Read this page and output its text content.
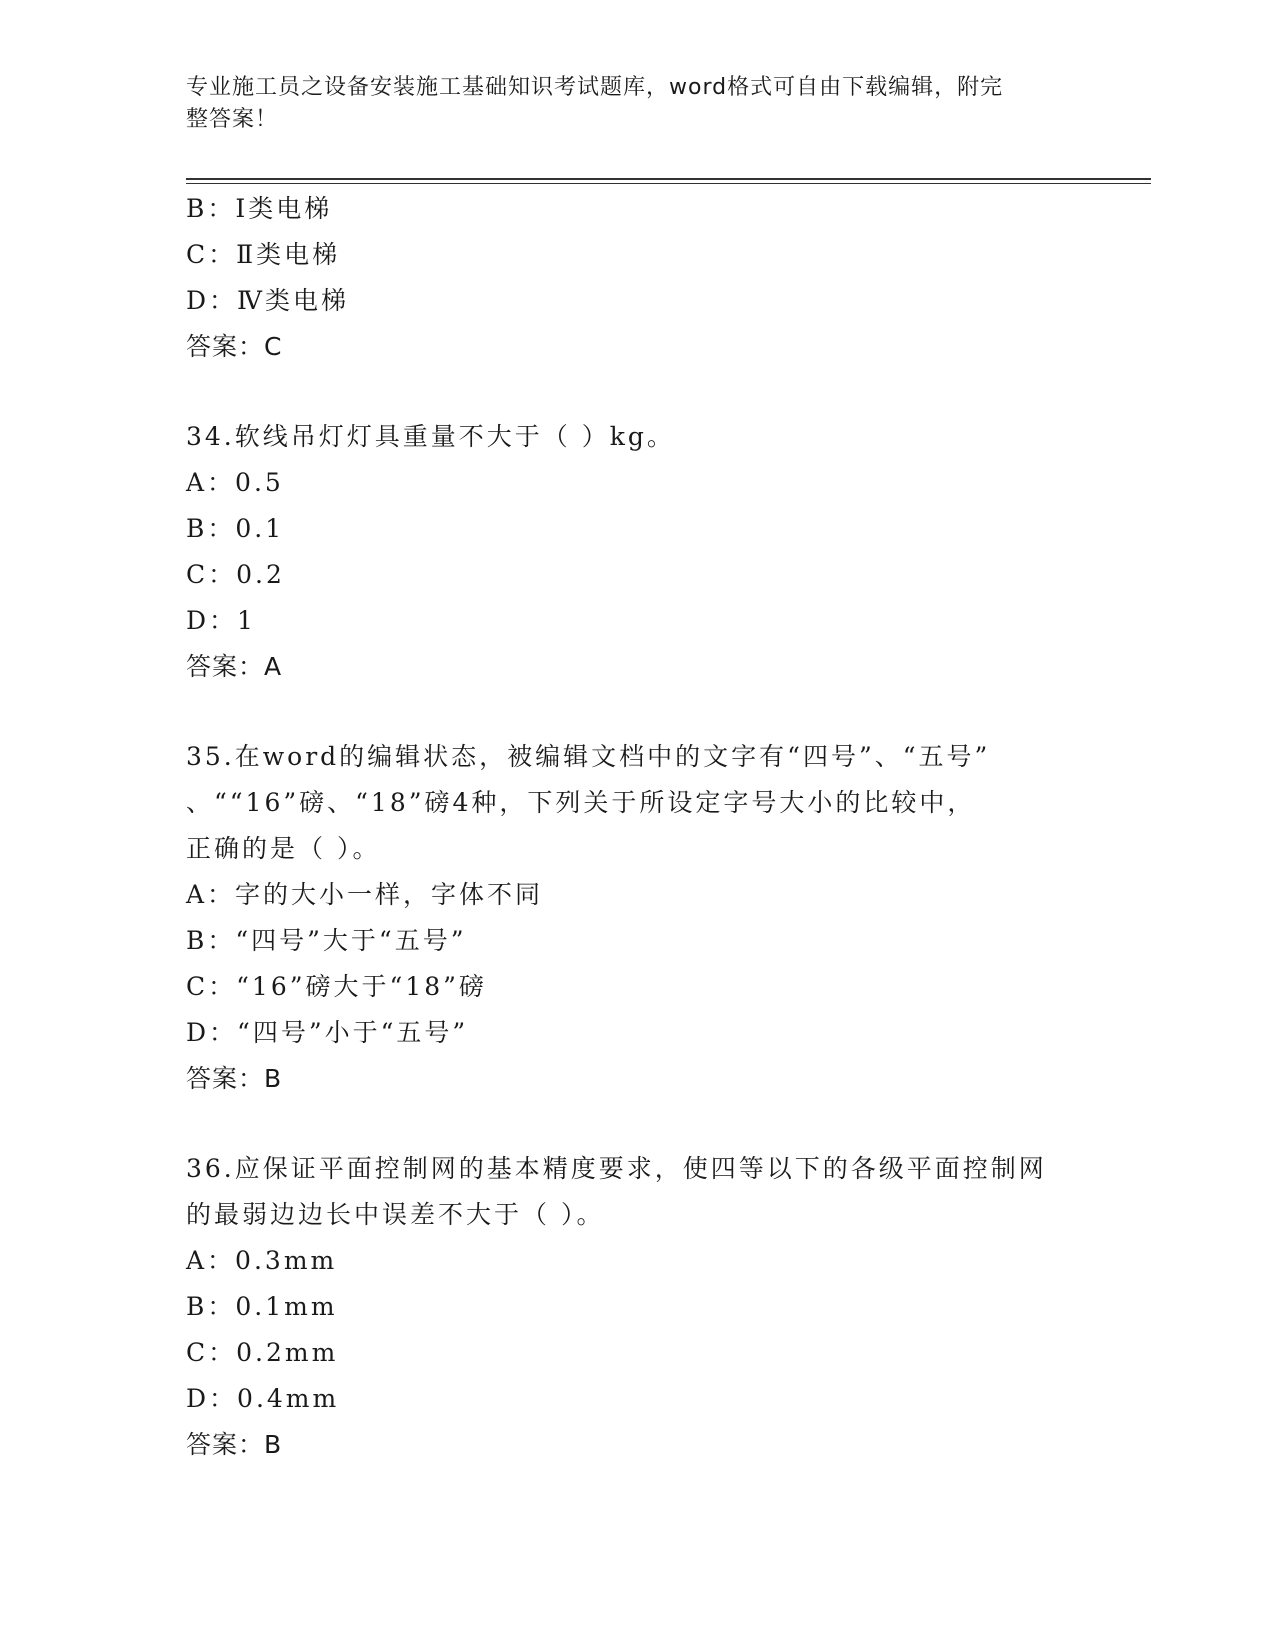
专业施工员之设备安装施工基础知识考试题库，word格式可自由下载编辑，附完
整答案！
B：Ⅰ类电梯
C：Ⅱ类电梯
D：Ⅳ类电梯
答案：C
34.软线吊灯灯具重量不大于（ ）kg。
A：0.5
B：0.1
C：0.2
D：1
答案：A
35.在word的编辑状态，被编辑文档中的文字有“四号”、“五号”
、““16”磅、“18”磅4种，下列关于所设定字号大小的比较中，
正确的是（ ）。
A：字的大小一样，字体不同
B：“四号”大于“五号”
C：“16”磅大于“18”磅
D：“四号”小于“五号”
答案：B
36.应保证平面控制网的基本精度要求，使四等以下的各级平面控制网
的最弱边边长中误差不大于（ ）。
A：0.3mm
B：0.1mm
C：0.2mm
D：0.4mm
答案：B
